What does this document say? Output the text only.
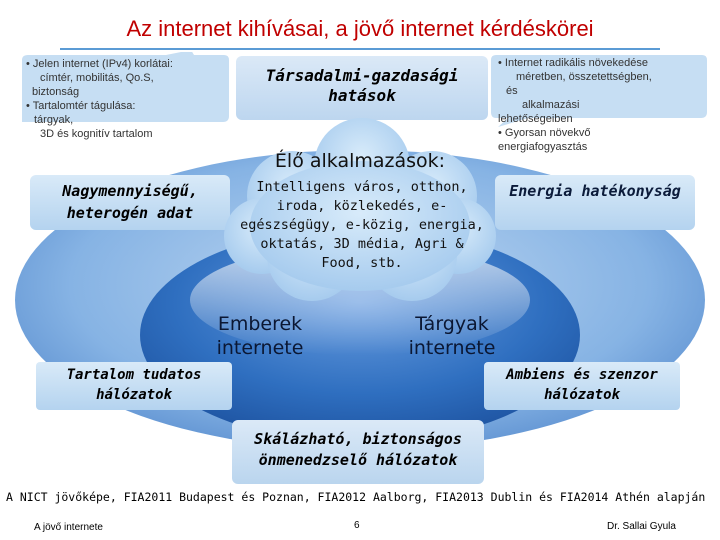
Az internet kihívásai, a jövő internet kérdéskörei
• Jelen internet (IPv4) korlátai:
címtér, mobilitás, Qo.S,
biztonság
• Tartalomtér tágulása:
tárgyak,
3D és kognitív tartalom
• Internet radikális növekedése
méretben, összetettségben,
és
alkalmazási
lehetőségeiben
• Gyorsan növekvő
energiafogyasztás
Társadalmi-gazdasági hatások
Nagymennyiségű, heterogén adat
Energia hatékonyság
Élő alkalmazások:
Intelligens város, otthon, iroda, közlekedés, e-egészségügy, e-közig, energia, oktatás, 3D média, Agri & Food, stb.
Emberek internete
Tárgyak internete
Tartalom tudatos hálózatok
Ambiens és szenzor hálózatok
Skálázható, biztonságos önmenedzselő hálózatok
A NICT jövőképe, FIA2011 Budapest és Poznan, FIA2012 Aalborg, FIA2013 Dublin és FIA2014 Athén alapján
A jövő internete	6	Dr. Sallai Gyula
